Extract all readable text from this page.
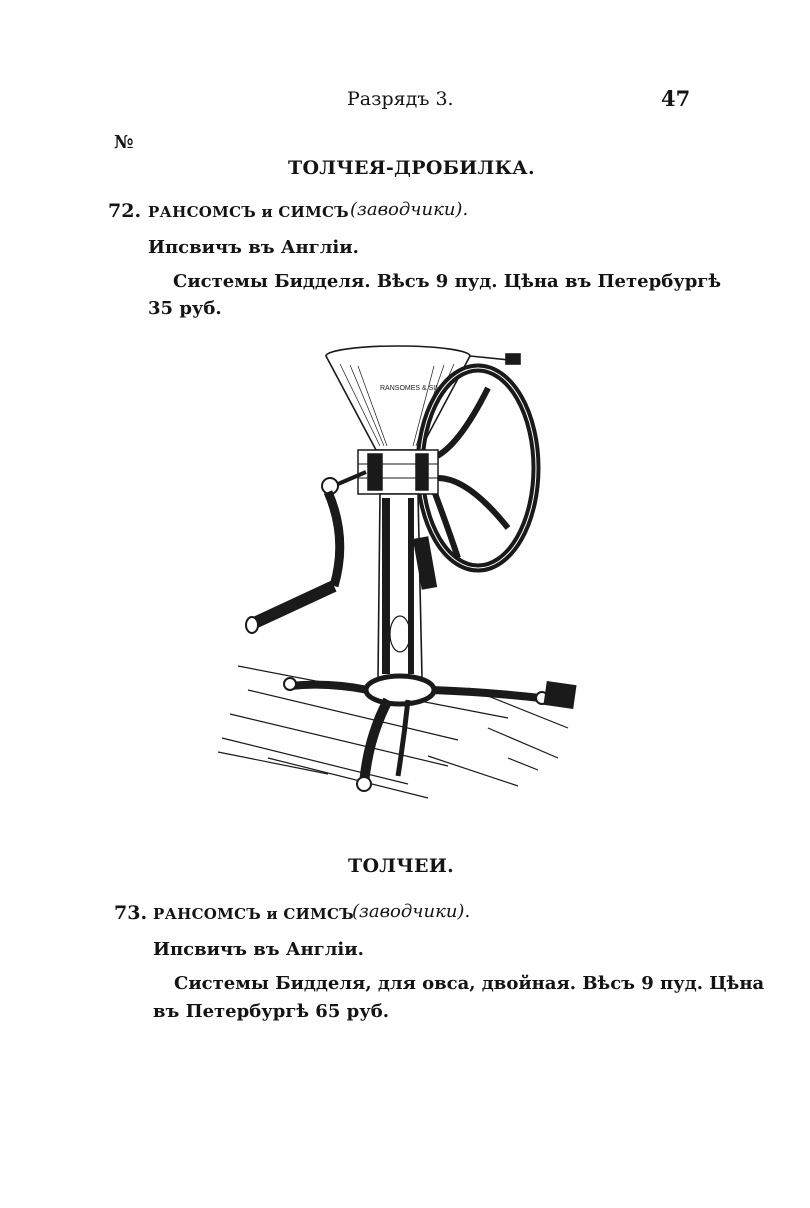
Разрядъ 3.	47
№
ТОЛЧЕЯ-ДРОБИЛКА.
72. РАНСОМСЪ и СИМСЪ (заводчики).
Ипсвичъ въ Англіи.
Системы Бидделя. Вѣсъ 9 пуд. Цѣна въ Петербургѣ
35 руб.
RANSOMES & SIMS
ТОЛЧЕИ.
73. РАНСОМСЪ и СИМСЪ
(заводчики).
Ипсвичъ въ Англіи.
Системы Бидделя, для овса, двойная. Вѣсъ 9 пуд. Цѣна
въ Петербургѣ 65 руб.
